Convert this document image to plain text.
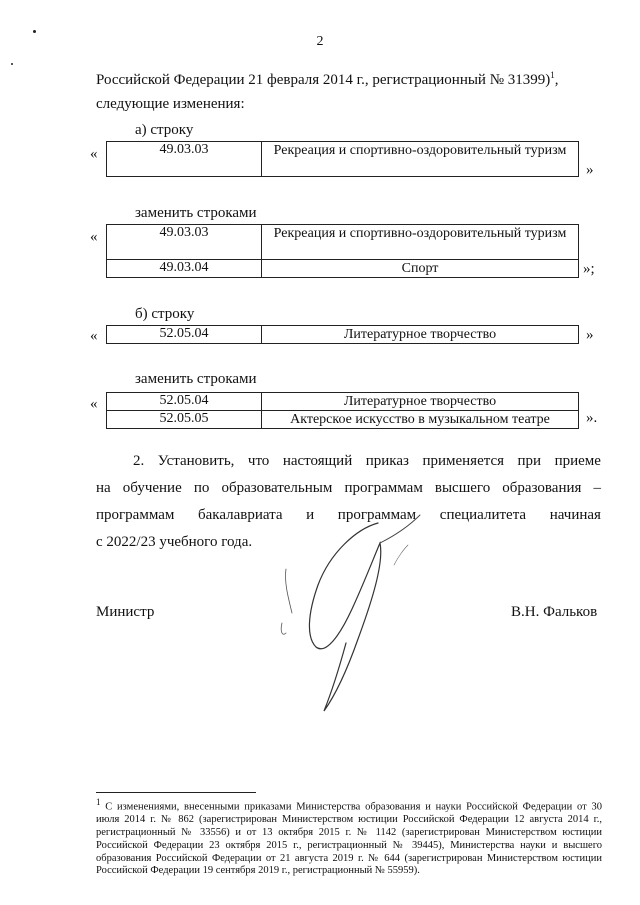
2
Российской Федерации 21 февраля 2014 г., регистрационный № 31399)$^1$,
следующие изменения:
а) строку
«	49.03.03	Рекреация и спортивно-оздоровительный туризм
»
заменить строками
«	49.03.03	Рекреация и спортивно-оздоровительный туризм
49.03.04	Спорт	»;
б) строку
«	52.05.04	Литературное творчество	»
заменить строками
«	52.05.04	Литературное творчество
52.05.05	Актерское искусство в музыкальном театре ».
2. Установить, что настоящий приказ применяется при приеме
на обучение по образовательным программам высшего образования –
программам бакалавриата и программам специалитета начиная
с 2022/23 учебного года.
Министр	В.Н. Фальков
$^1$ С изменениями, внесенными приказами Министерства образования и науки Российской Федерации от 30 июля 2014 г. № 862 (зарегистрирован Министерством юстиции Российской Федерации 12 августа 2014 г., регистрационный № 33556) и от 13 октября 2015 г. № 1142 (зарегистрирован Министерством юстиции Российской Федерации 23 октября 2015 г., регистрационный № 39445), Министерства науки и высшего образования Российской Федерации от 21 августа 2019 г. № 644 (зарегистрирован Министерством юстиции Российской Федерации 19 сентября 2019 г., регистрационный № 55959).
